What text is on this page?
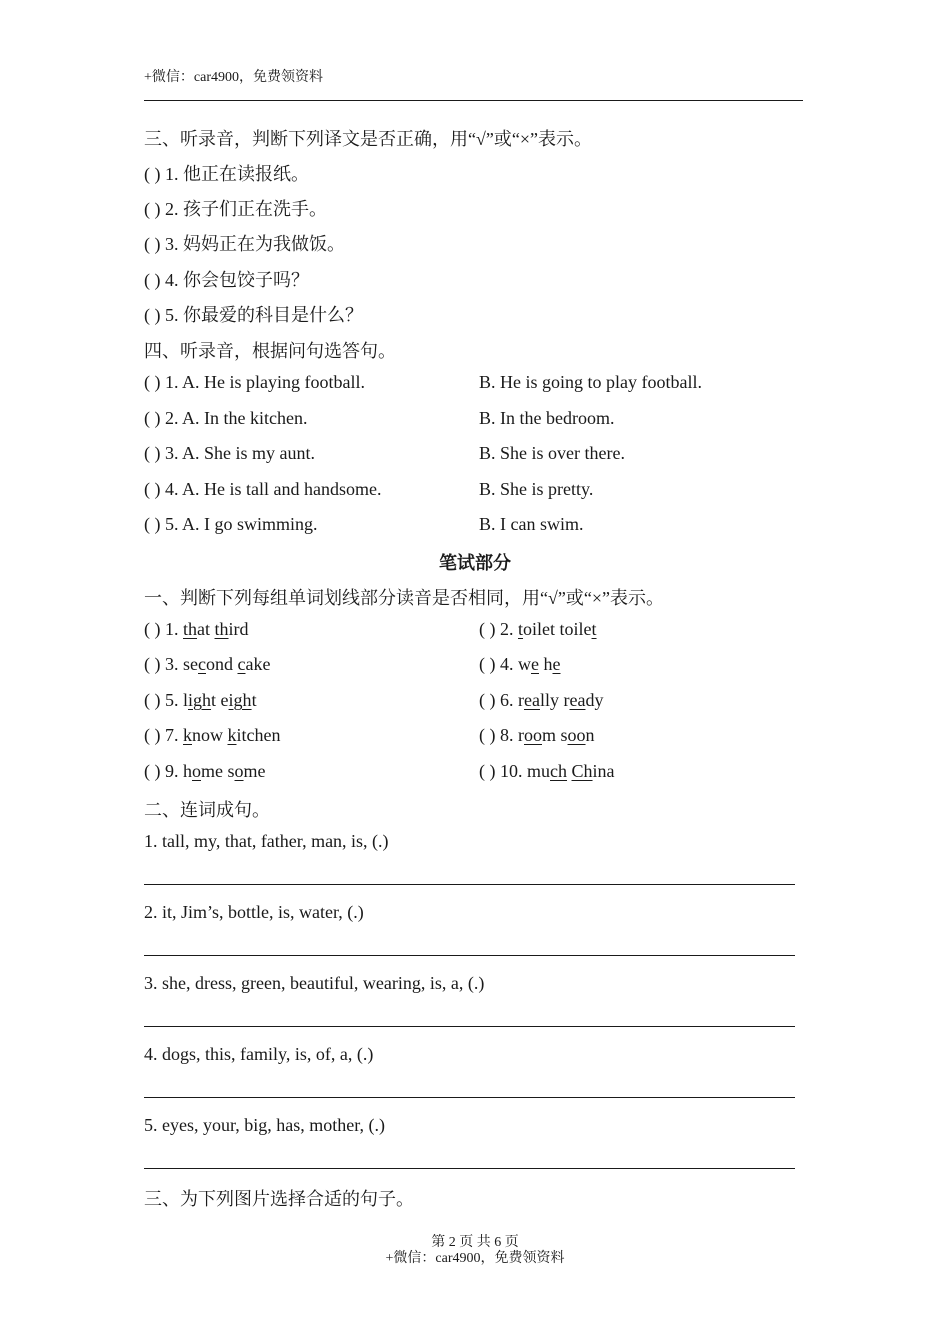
+微信：car4900，免费领资料
三、听录音，判断下列译文是否正确，用“√”或“×”表示。
( ) 1. 他正在读报纸。
( ) 2. 孩子们正在洗手。
( ) 3. 妈妈正在为我做饭。
( ) 4. 你会包饺子吗？
( ) 5. 你最爱的科目是什么？
四、听录音，根据问句选答句。
( ) 1. A. He is playing football.	B. He is going to play football.
( ) 2. A. In the kitchen.	B. In the bedroom.
( ) 3. A. She is my aunt.	B. She is over there.
( ) 4. A. He is tall and handsome.	B. She is pretty.
( ) 5. A. I go swimming.	B. I can swim.
笔试部分
一、判断下列每组单词划线部分读音是否相同，用“√”或“×”表示。
( ) 1. that third	( ) 2. toilet toilet
( ) 3. second cake	( ) 4. we he
( ) 5. light eight	( ) 6. really ready
( ) 7. know kitchen	( ) 8. room soon
( ) 9. home some	( ) 10. much China
二、连词成句。
1. tall, my, that, father, man, is, (.)
2. it, Jim’s, bottle, is, water, (.)
3. she, dress, green, beautiful, wearing, is, a, (.)
4. dogs, this, family, is, of, a, (.)
5. eyes, your, big, has, mother, (.)
三、为下列图片选择合适的句子。
第 2 页 共 6 页
+微信：car4900，免费领资料
